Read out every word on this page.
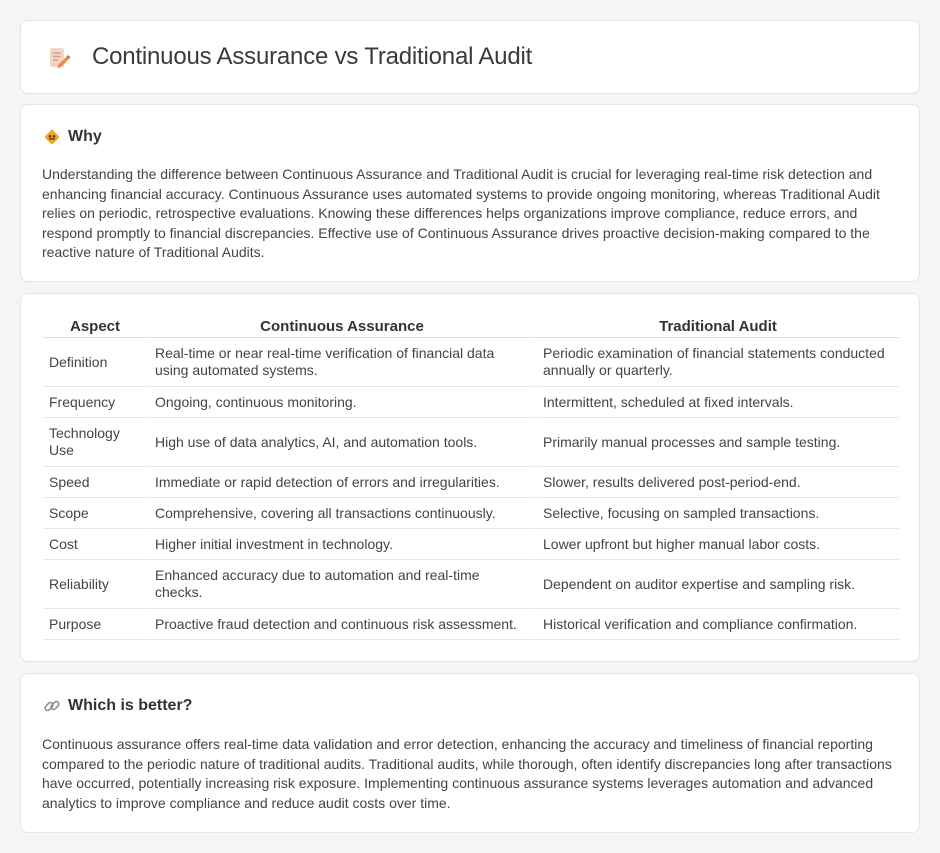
Continuous Assurance vs Traditional Audit
Why

Understanding the difference between Continuous Assurance and Traditional Audit is crucial for leveraging real-time risk detection and enhancing financial accuracy. Continuous Assurance uses automated systems to provide ongoing monitoring, whereas Traditional Audit relies on periodic, retrospective evaluations. Knowing these differences helps organizations improve compliance, reduce errors, and respond promptly to financial discrepancies. Effective use of Continuous Assurance drives proactive decision-making compared to the reactive nature of Traditional Audits.

Aspect	Continuous Assurance	Traditional Audit
Definition	Real-time or near real-time verification of financial data using automated systems.	Periodic examination of financial statements conducted annually or quarterly.
Frequency	Ongoing, continuous monitoring.	Intermittent, scheduled at fixed intervals.
Technology Use	High use of data analytics, AI, and automation tools.	Primarily manual processes and sample testing.
Speed	Immediate or rapid detection of errors and irregularities.	Slower, results delivered post-period-end.
Scope	Comprehensive, covering all transactions continuously.	Selective, focusing on sampled transactions.
Cost	Higher initial investment in technology.	Lower upfront but higher manual labor costs.
Reliability	Enhanced accuracy due to automation and real-time checks.	Dependent on auditor expertise and sampling risk.
Purpose	Proactive fraud detection and continuous risk assessment.	Historical verification and compliance confirmation.
Which is better?

Continuous assurance offers real-time data validation and error detection, enhancing the accuracy and timeliness of financial reporting compared to the periodic nature of traditional audits. Traditional audits, while thorough, often identify discrepancies long after transactions have occurred, potentially increasing risk exposure. Implementing continuous assurance systems leverages automation and advanced analytics to improve compliance and reduce audit costs over time.
